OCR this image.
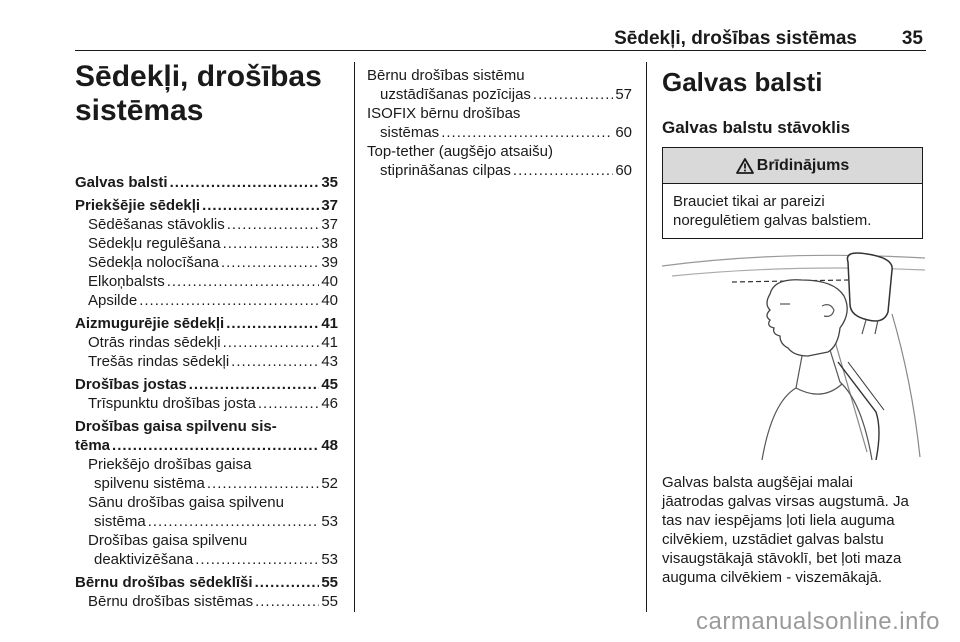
Sēdekļi, drošības sistēmas 35
Sēdekļi, drošības
sistēmas
Galvas balsti .....	35
Priekšējie sēdekļi .....	37
Sēdēšanas stāvoklis .....	37
Sēdekļu regulēšana .....	38
Sēdekļa nolocīšana .....	39
Elkoņbalsts .....	40
Apsilde .....	40
Aizmugurējie sēdekļi .....	41
Otrās rindas sēdekļi .....	41
Trešās rindas sēdekļi .....	43
Drošības jostas .....	45
Trīspunktu drošības josta .....	46
Drošības gaisa spilvenu sis-
tēma .....	48
Priekšējo drošības gaisa
spilvenu sistēma .....	52
Sānu drošības gaisa spilvenu
sistēma .....	53
Drošības gaisa spilvenu
deaktivizēšana .....	53
Bērnu drošības sēdeklīši .....	55
Bērnu drošības sistēmas .....	55
Bērnu drošības sistēmu
uzstādīšanas pozīcijas .....	57
ISOFIX bērnu drošības
sistēmas .....	60
Top-tether (augšējo atsaišu)
stiprināšanas cilpas .....	60
Galvas balsti
Galvas balstu stāvoklis
Brīdinājums
Brauciet tikai ar pareizi
noregulētiem galvas balstiem.
Galvas balsta augšējai malai
jāatrodas galvas virsas augstumā. Ja
tas nav iespējams ļoti liela auguma
cilvēkiem, uzstādiet galvas balstu
visaugstākajā stāvoklī, bet ļoti maza
auguma cilvēkiem - viszemākajā.
carmanualsonline.info
